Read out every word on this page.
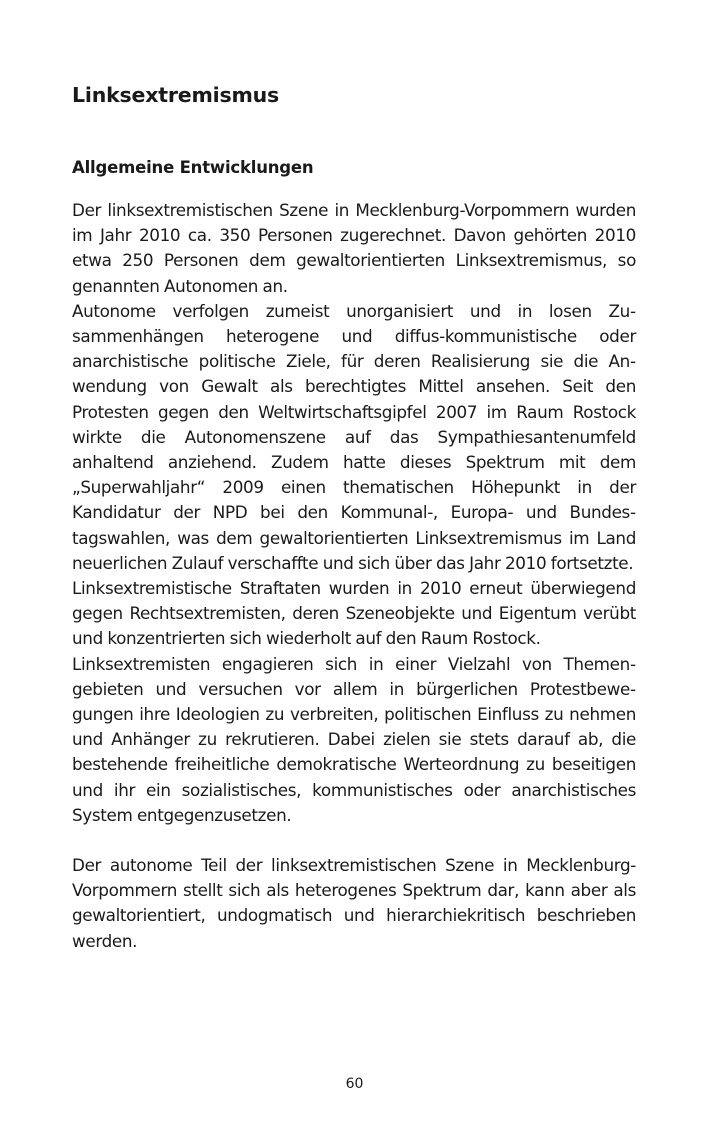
Linksextremismus
Allgemeine Entwicklungen

Der linksextremistischen Szene in Mecklenburg-Vorpommern wurden im Jahr 2010 ca. 350 Personen zugerechnet. Davon gehörten 2010 etwa 250 Personen dem gewaltorientierten Linksextremismus, so genannten Autonomen an.

Autonome verfolgen zumeist unorganisiert und in losen Zusammenhängen heterogene und diffus-kommunistische oder anarchistische politische Ziele, für deren Realisierung sie die Anwendung von Gewalt als berechtigtes Mittel ansehen. Seit den Protesten gegen den Weltwirtschaftsgipfel 2007 im Raum Rostock wirkte die Autonomenszene auf das Sympathiesantenumfeld anhaltend anziehend. Zudem hatte dieses Spektrum mit dem „Superwahljahr“ 2009 einen thematischen Höhepunkt in der Kandidatur der NPD bei den Kommunal-, Europa- und Bundestagswahlen, was dem gewaltorientierten Linksextremismus im Land neuerlichen Zulauf verschaffte und sich über das Jahr 2010 fortsetzte.

Linksextremistische Straftaten wurden in 2010 erneut überwiegend gegen Rechtsextremisten, deren Szeneobjekte und Eigentum verübt und konzentrierten sich wiederholt auf den Raum Rostock.

Linksextremisten engagieren sich in einer Vielzahl von Themengebieten und versuchen vor allem in bürgerlichen Protestbewegungen ihre Ideologien zu verbreiten, politischen Einfluss zu nehmen und Anhänger zu rekrutieren. Dabei zielen sie stets darauf ab, die bestehende freiheitliche demokratische Werteordnung zu beseitigen und ihr ein sozialistisches, kommunistisches oder anarchistisches System entgegenzusetzen.

Der autonome Teil der linksextremistischen Szene in Mecklenburg-Vorpommern stellt sich als heterogenes Spektrum dar, kann aber als gewaltorientiert, undogmatisch und hierarchiekritisch beschrieben werden.

60
